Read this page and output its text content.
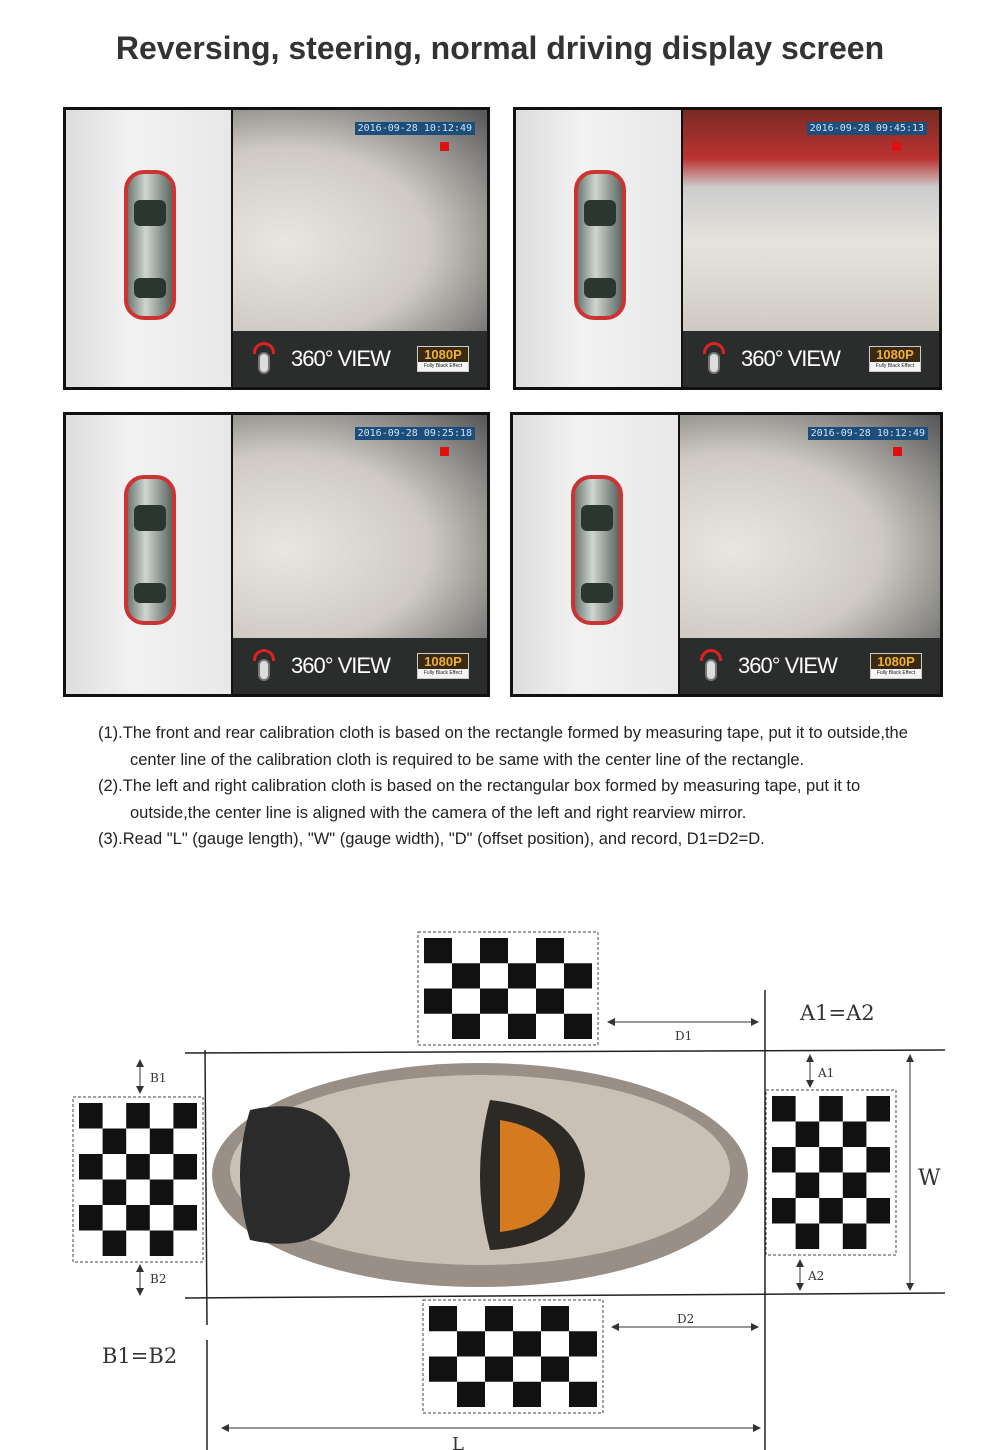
Reversing, steering, normal driving display screen
2016-09-28 10:12:49
360° VIEW	1080P
Fully Black Effect
2016-09-28 09:45:13
360° VIEW	1080P
Fully Black Effect
2016-09-28 09:25:18
360° VIEW	1080P
Fully Black Effect
2016-09-28 10:12:49
360° VIEW	1080P
Fully Black Effect

(1).The front and rear calibration cloth is based on the rectangle formed by measuring tape, put it to outside,the center line of the calibration cloth is required to be same with the center line of the rectangle.

(2).The left and right calibration cloth is based on the rectangular box formed by measuring tape, put it to outside,the center line is aligned with the camera of the left and right rearview mirror.

(3).Read "L" (gauge length), "W" (gauge width), "D" (offset position), and record, D1=D2=D.

D1
D2
A1
A2
B1
B2
W
L
A1=A2
B1=B2
